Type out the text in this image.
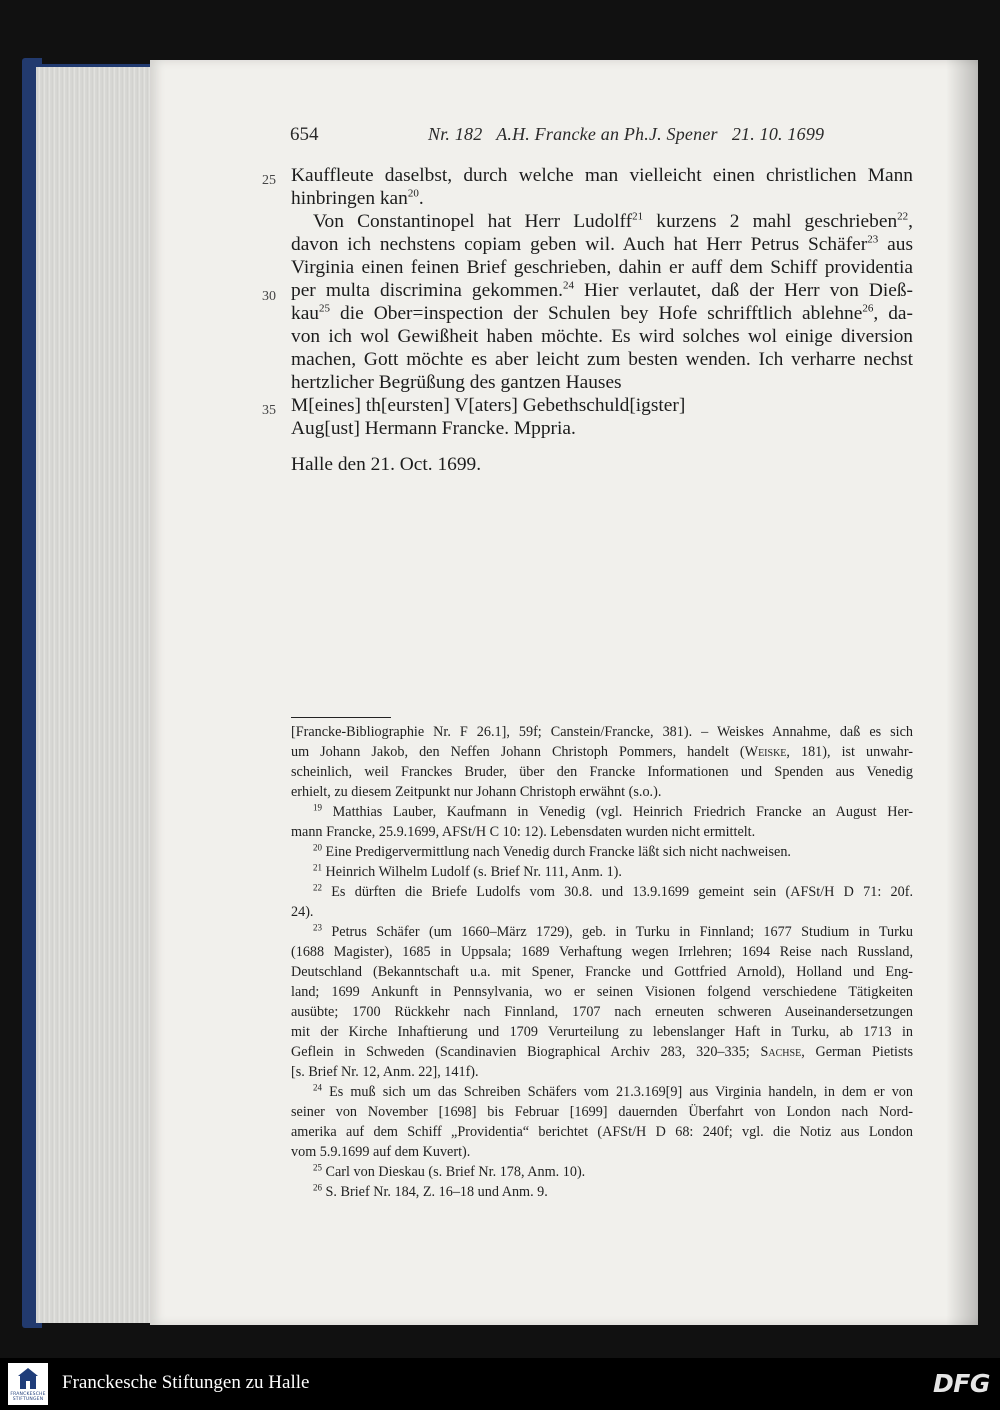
654	Nr. 182   A.H. Francke an Ph.J. Spener   21. 10. 1699
25
30
35
Kauffleute daselbst, durch welche man vielleicht einen christlichen Mann
hinbringen kan$^{20}$.
Von Constantinopel hat Herr Ludolff$^{21}$ kurzens 2 mahl geschrieben$^{22}$,
davon ich nechstens copiam geben wil. Auch hat Herr Petrus Schäfer$^{23}$ aus
Virginia einen feinen Brief geschrieben, dahin er auff dem Schiff providentia
per multa discrimina gekommen.$^{24}$ Hier verlautet, daß der Herr von Dieß-
kau$^{25}$ die Ober=inspection der Schulen bey Hofe schrifftlich ablehne$^{26}$, da-
von ich wol Gewißheit haben möchte. Es wird solches wol einige diversion
machen, Gott möchte es aber leicht zum besten wenden. Ich verharre nechst
hertzlicher Begrüßung des gantzen Hauses
M[eines] th[eursten] V[aters] Gebethschuld[igster]
Aug[ust] Hermann Francke. Mppria.
Halle den 21. Oct. 1699.
[Francke-Bibliographie Nr. F 26.1], 59f; Canstein/Francke, 381). – Weiskes Annahme, daß es sich
um Johann Jakob, den Neffen Johann Christoph Pommers, handelt (Weiske, 181), ist unwahr-
scheinlich, weil Franckes Bruder, über den Francke Informationen und Spenden aus Venedig
erhielt, zu diesem Zeitpunkt nur Johann Christoph erwähnt (s.o.).
$^{19}$ Matthias Lauber, Kaufmann in Venedig (vgl. Heinrich Friedrich Francke an August Her-
mann Francke, 25.9.1699, AFSt/H C 10: 12). Lebensdaten wurden nicht ermittelt.
$^{20}$ Eine Predigervermittlung nach Venedig durch Francke läßt sich nicht nachweisen.
$^{21}$ Heinrich Wilhelm Ludolf (s. Brief Nr. 111, Anm. 1).
$^{22}$ Es dürften die Briefe Ludolfs vom 30.8. und 13.9.1699 gemeint sein (AFSt/H D 71: 20f.
24).
$^{23}$ Petrus Schäfer (um 1660–März 1729), geb. in Turku in Finnland; 1677 Studium in Turku
(1688 Magister), 1685 in Uppsala; 1689 Verhaftung wegen Irrlehren; 1694 Reise nach Russland,
Deutschland (Bekanntschaft u.a. mit Spener, Francke und Gottfried Arnold), Holland und Eng-
land; 1699 Ankunft in Pennsylvania, wo er seinen Visionen folgend verschiedene Tätigkeiten
ausübte; 1700 Rückkehr nach Finnland, 1707 nach erneuten schweren Auseinandersetzungen
mit der Kirche Inhaftierung und 1709 Verurteilung zu lebenslanger Haft in Turku, ab 1713 in
Geflein in Schweden (Scandinavien Biographical Archiv 283, 320–335; Sachse, German Pietists
[s. Brief Nr. 12, Anm. 22], 141f).
$^{24}$ Es muß sich um das Schreiben Schäfers vom 21.3.169[9] aus Virginia handeln, in dem er von
seiner von November [1698] bis Februar [1699] dauernden Überfahrt von London nach Nord-
amerika auf dem Schiff „Providentia“ berichtet (AFSt/H D 68: 240f; vgl. die Notiz aus London
vom 5.9.1699 auf dem Kuvert).
$^{25}$ Carl von Dieskau (s. Brief Nr. 178, Anm. 10).
$^{26}$ S. Brief Nr. 184, Z. 16–18 und Anm. 9.
FRANCKESCHE STIFTUNGEN
Franckesche Stiftungen zu Halle	DFG
